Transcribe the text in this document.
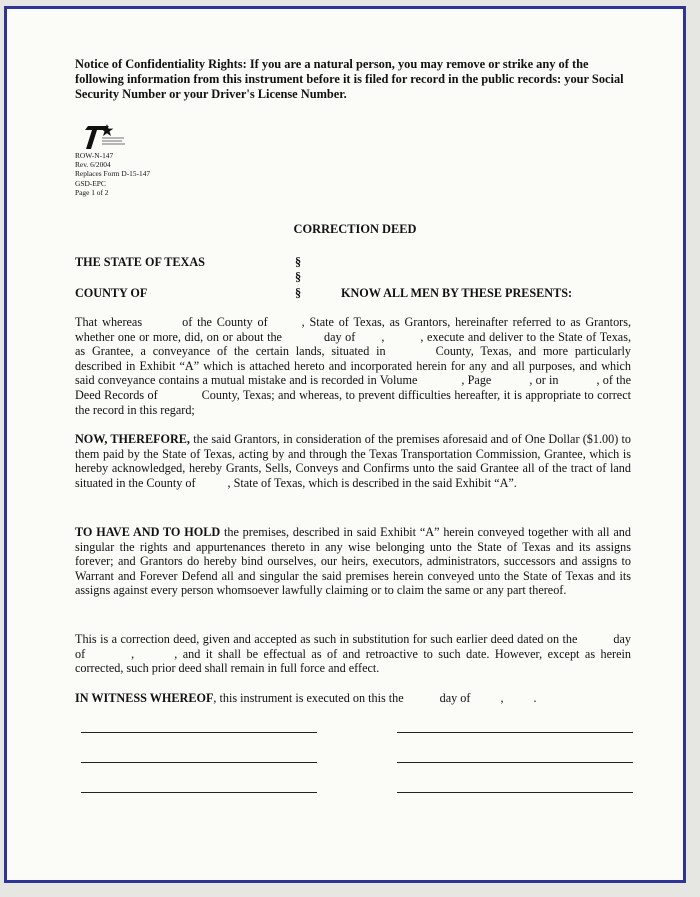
Notice of Confidentiality Rights: If you are a natural person, you may remove or strike any of the following information from this instrument before it is filed for record in the public records: your Social Security Number or your Driver's License Number.

ROW-N-147
Rev. 6/2004
Replaces Form D-15-147
GSD-EPC
Page 1 of 2
CORRECTION DEED
THE STATE OF TEXAS	§
§
§
COUNTY OF	KNOW ALL MEN BY THESE PRESENTS:

That whereas	of the County of	, State of Texas, as Grantors, hereinafter referred to as Grantors, whether one or more, did, on or about the	day of ,	, execute and deliver to the State of Texas, as Grantee, a conveyance of the certain lands, situated in	County, Texas, and more particularly described in Exhibit “A” which is attached hereto and incorporated herein for any and all purposes, and which said conveyance contains a mutual mistake and is recorded in Volume	, Page	, or in	, of the Deed Records of	County, Texas; and whereas, to prevent difficulties hereafter, it is appropriate to correct the record in this regard;

NOW, THEREFORE, the said Grantors, in consideration of the premises aforesaid and of One Dollar ($1.00) to them paid by the State of Texas, acting by and through the Texas Transportation Commission, Grantee, which is hereby acknowledged, hereby Grants, Sells, Conveys and Confirms unto the said Grantee all of the tract of land situated in the County of	, State of Texas, which is described in the said Exhibit “A”.

TO HAVE AND TO HOLD the premises, described in said Exhibit “A” herein conveyed together with all and singular the rights and appurtenances thereto in any wise belonging unto the State of Texas and its assigns forever; and Grantors do hereby bind ourselves, our heirs, executors, administrators, successors and assigns to Warrant and Forever Defend all and singular the said premises herein conveyed unto the State of Texas and its assigns against every person whomsoever lawfully claiming or to claim the same or any part thereof.

This is a correction deed, given and accepted as such in substitution for such earlier deed dated on the	day of	,	, and it shall be effectual as of and retroactive to such date. However, except as herein corrected, such prior deed shall remain in full force and effect.

IN WITNESS WHEREOF, this instrument is executed on this the	day of , .
